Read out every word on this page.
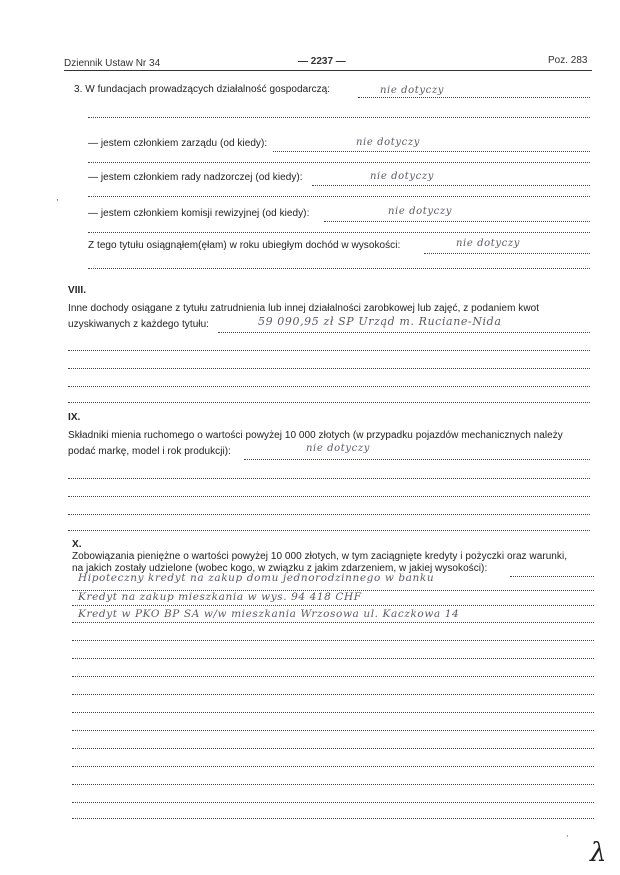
Dziennik Ustaw Nr 34	— 2237 —	Poz. 283
3. W fundacjach prowadzących działalność gospodarczą:	nie dotyczy
— jestem członkiem zarządu (od kiedy):	nie dotyczy
— jestem członkiem rady nadzorczej (od kiedy):	nie dotyczy
— jestem członkiem komisji rewizyjnej (od kiedy):	nie dotyczy
Z tego tytułu osiągnąłem(ęłam) w roku ubiegłym dochód w wysokości:	nie dotyczy
VIII.
Inne dochody osiągane z tytułu zatrudnienia lub innej działalności zarobkowej lub zajęć, z podaniem kwot
uzyskiwanych z każdego tytułu:	59 090,95 zł SP Urząd m. Ruciane-Nida
IX.
Składniki mienia ruchomego o wartości powyżej 10 000 złotych (w przypadku pojazdów mechanicznych należy
podać markę, model i rok produkcji):	nie dotyczy
X.
Zobowiązania pieniężne o wartości powyżej 10 000 złotych, w tym zaciągnięte kredyty i pożyczki oraz warunki,
na jakich zostały udzielone (wobec kogo, w związku z jakim zdarzeniem, w jakiej wysokości):
Hipoteczny kredyt na zakup domu jednorodzinnego w banku
Kredyt na zakup mieszkania w wys. 94 418 CHF
Kredyt w PKO BP SA w/w mieszkania Wrzosowa ul. Kaczkowa 14
·
·
λ
